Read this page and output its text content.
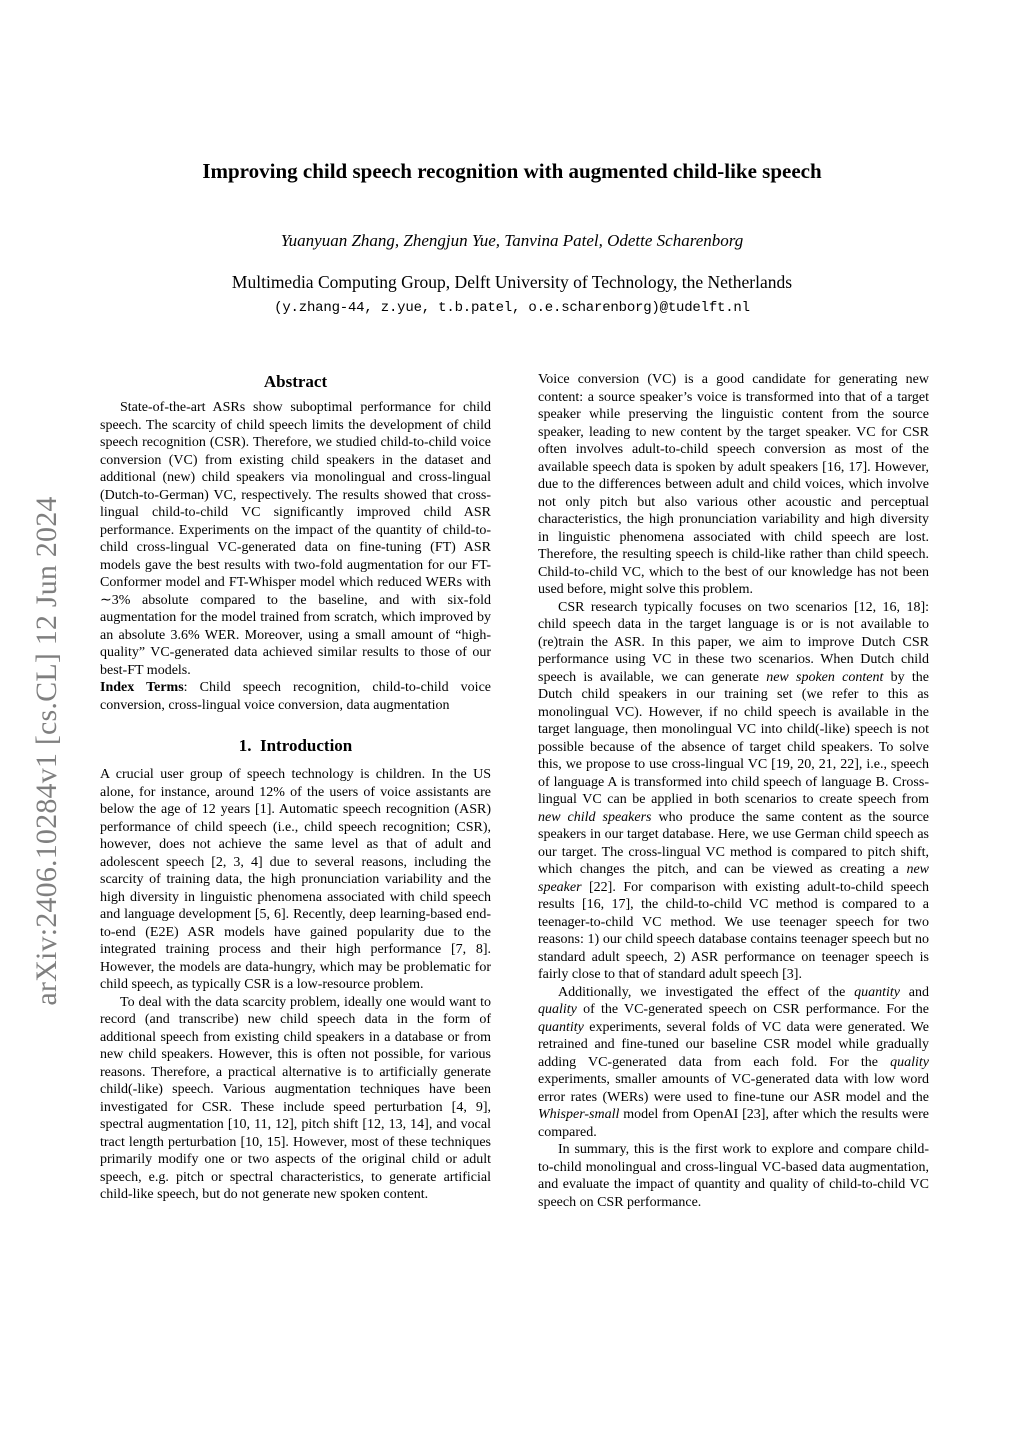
arXiv:2406.10284v1 [cs.CL] 12 Jun 2024
Improving child speech recognition with augmented child-like speech
Yuanyuan Zhang, Zhengjun Yue, Tanvina Patel, Odette Scharenborg
Multimedia Computing Group, Delft University of Technology, the Netherlands
(y.zhang-44, z.yue, t.b.patel, o.e.scharenborg)@tudelft.nl
Abstract

State-of-the-art ASRs show suboptimal performance for child speech. The scarcity of child speech limits the development of child speech recognition (CSR). Therefore, we studied child-to-child voice conversion (VC) from existing child speakers in the dataset and additional (new) child speakers via monolingual and cross-lingual (Dutch-to-German) VC, respectively. The results showed that cross-lingual child-to-child VC significantly improved child ASR performance. Experiments on the impact of the quantity of child-to-child cross-lingual VC-generated data on fine-tuning (FT) ASR models gave the best results with two-fold augmentation for our FT-Conformer model and FT-Whisper model which reduced WERs with ∼3% absolute compared to the baseline, and with six-fold augmentation for the model trained from scratch, which improved by an absolute 3.6% WER. Moreover, using a small amount of “high-quality” VC-generated data achieved similar results to those of our best-FT models.

Index Terms: Child speech recognition, child-to-child voice conversion, cross-lingual voice conversion, data augmentation

1.  Introduction

A crucial user group of speech technology is children. In the US alone, for instance, around 12% of the users of voice assistants are below the age of 12 years [1]. Automatic speech recognition (ASR) performance of child speech (i.e., child speech recognition; CSR), however, does not achieve the same level as that of adult and adolescent speech [2, 3, 4] due to several reasons, including the scarcity of training data, the high pronunciation variability and the high diversity in linguistic phenomena associated with child speech and language development [5, 6]. Recently, deep learning-based end-to-end (E2E) ASR models have gained popularity due to the integrated training process and their high performance [7, 8]. However, the models are data-hungry, which may be problematic for child speech, as typically CSR is a low-resource problem.

To deal with the data scarcity problem, ideally one would want to record (and transcribe) new child speech data in the form of additional speech from existing child speakers in a database or from new child speakers. However, this is often not possible, for various reasons. Therefore, a practical alternative is to artificially generate child(-like) speech. Various augmentation techniques have been investigated for CSR. These include speed perturbation [4, 9], spectral augmentation [10, 11, 12], pitch shift [12, 13, 14], and vocal tract length perturbation [10, 15]. However, most of these techniques primarily modify one or two aspects of the original child or adult speech, e.g. pitch or spectral characteristics, to generate artificial child-like speech, but do not generate new spoken content.

Voice conversion (VC) is a good candidate for generating new content: a source speaker’s voice is transformed into that of a target speaker while preserving the linguistic content from the source speaker, leading to new content by the target speaker. VC for CSR often involves adult-to-child speech conversion as most of the available speech data is spoken by adult speakers [16, 17]. However, due to the differences between adult and child voices, which involve not only pitch but also various other acoustic and perceptual characteristics, the high pronunciation variability and high diversity in linguistic phenomena associated with child speech are lost. Therefore, the resulting speech is child-like rather than child speech. Child-to-child VC, which to the best of our knowledge has not been used before, might solve this problem.

CSR research typically focuses on two scenarios [12, 16, 18]: child speech data in the target language is or is not available to (re)train the ASR. In this paper, we aim to improve Dutch CSR performance using VC in these two scenarios. When Dutch child speech is available, we can generate new spoken content by the Dutch child speakers in our training set (we refer to this as monolingual VC). However, if no child speech is available in the target language, then monolingual VC into child(-like) speech is not possible because of the absence of target child speakers. To solve this, we propose to use cross-lingual VC [19, 20, 21, 22], i.e., speech of language A is transformed into child speech of language B. Cross-lingual VC can be applied in both scenarios to create speech from new child speakers who produce the same content as the source speakers in our target database. Here, we use German child speech as our target. The cross-lingual VC method is compared to pitch shift, which changes the pitch, and can be viewed as creating a new speaker [22]. For comparison with existing adult-to-child speech results [16, 17], the child-to-child VC method is compared to a teenager-to-child VC method. We use teenager speech for two reasons: 1) our child speech database contains teenager speech but no standard adult speech, 2) ASR performance on teenager speech is fairly close to that of standard adult speech [3].

Additionally, we investigated the effect of the quantity and quality of the VC-generated speech on CSR performance. For the quantity experiments, several folds of VC data were generated. We retrained and fine-tuned our baseline CSR model while gradually adding VC-generated data from each fold. For the quality experiments, smaller amounts of VC-generated data with low word error rates (WERs) were used to fine-tune our ASR model and the Whisper-small model from OpenAI [23], after which the results were compared.

In summary, this is the first work to explore and compare child-to-child monolingual and cross-lingual VC-based data augmentation, and evaluate the impact of quantity and quality of child-to-child VC speech on CSR performance.
